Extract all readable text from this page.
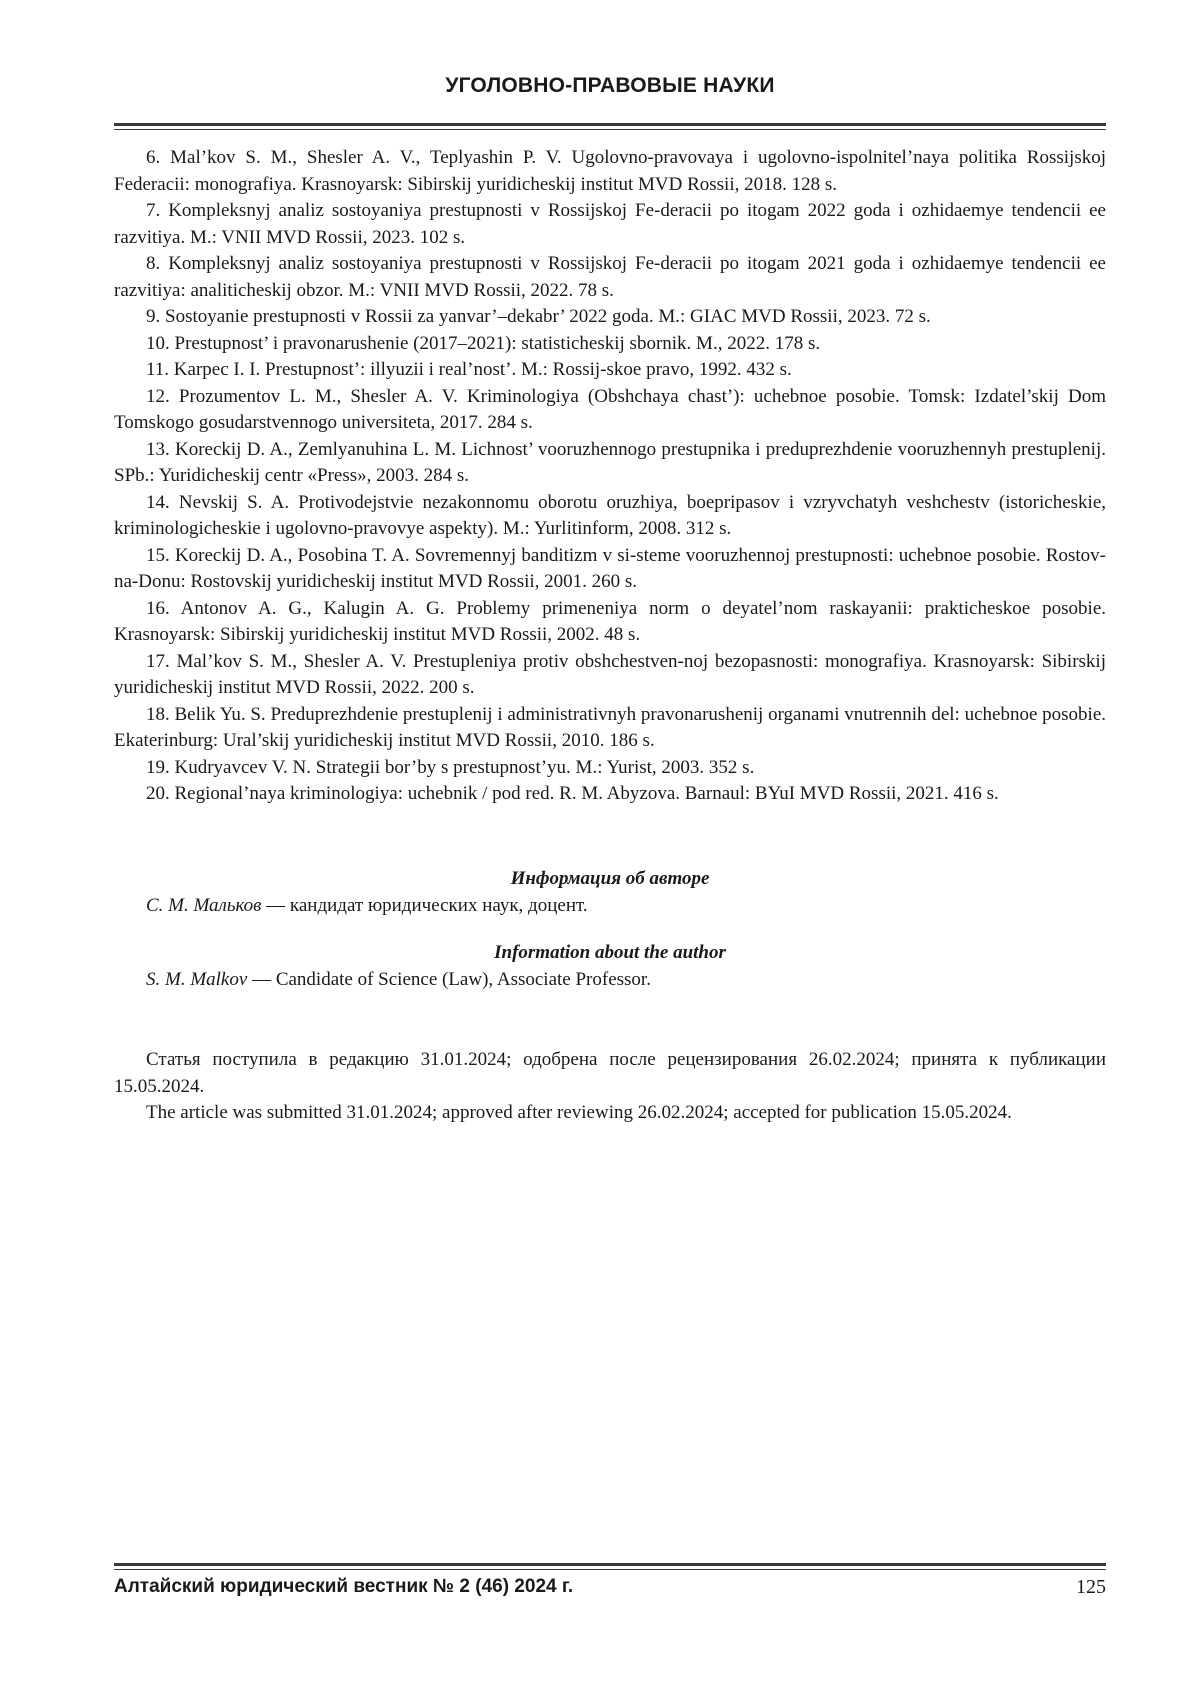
УГОЛОВНО-ПРАВОВЫЕ НАУКИ

6. Mal’kov S. M., Shesler A. V., Teplyashin P. V. Ugolovno-pravovaya i ugolovno-ispolnitel’naya politika Rossijskoj Federacii: monografiya. Krasnoyarsk: Sibirskij yuridicheskij institut MVD Rossii, 2018. 128 s.

7. Kompleksnyj analiz sostoyaniya prestupnosti v Rossijskoj Fe-deracii po itogam 2022 goda i ozhidaemye tendencii ee razvitiya. M.: VNII MVD Rossii, 2023. 102 s.

8. Kompleksnyj analiz sostoyaniya prestupnosti v Rossijskoj Fe-deracii po itogam 2021 goda i ozhidaemye tendencii ee razvitiya: analiticheskij obzor. M.: VNII MVD Rossii, 2022. 78 s.

9. Sostoyanie prestupnosti v Rossii za yanvar’–dekabr’ 2022 goda. M.: GIAC MVD Rossii, 2023. 72 s.

10. Prestupnost’ i pravonarushenie (2017–2021): statisticheskij sbornik. M., 2022. 178 s.

11. Karpec I. I. Prestupnost’: illyuzii i real’nost’. M.: Rossij-skoe pravo, 1992. 432 s.

12. Prozumentov L. M., Shesler A. V. Kriminologiya (Obshchaya chast’): uchebnoe posobie. Tomsk: Izdatel’skij Dom Tomskogo gosudarstvennogo universiteta, 2017. 284 s.

13. Koreckij D. A., Zemlyanuhina L. M. Lichnost’ vooruzhennogo prestupnika i preduprezhdenie vooruzhennyh prestuplenij. SPb.: Yuridicheskij centr «Press», 2003. 284 s.

14. Nevskij S. A. Protivodejstvie nezakonnomu oborotu oruzhiya, boepripasov i vzryvchatyh veshchestv (istoricheskie, kriminologicheskie i ugolovno-pravovye aspekty). M.: Yurlitinform, 2008. 312 s.

15. Koreckij D. A., Posobina T. A. Sovremennyj banditizm v si-steme vooruzhennoj prestupnosti: uchebnoe posobie. Rostov-na-Donu: Rostovskij yuridicheskij institut MVD Rossii, 2001. 260 s.

16. Antonov A. G., Kalugin A. G. Problemy primeneniya norm o deyatel’nom raskayanii: prakticheskoe posobie. Krasnoyarsk: Sibirskij yuridicheskij institut MVD Rossii, 2002. 48 s.

17. Mal’kov S. M., Shesler A. V. Prestupleniya protiv obshchestven-noj bezopasnosti: monografiya. Krasnoyarsk: Sibirskij yuridicheskij institut MVD Rossii, 2022. 200 s.

18. Belik Yu. S. Preduprezhdenie prestuplenij i administrativnyh pravonarushenij organami vnutrennih del: uchebnoe posobie. Ekaterinburg: Ural’skij yuridicheskij institut MVD Rossii, 2010. 186 s.

19. Kudryavcev V. N. Strategii bor’by s prestupnost’yu. M.: Yurist, 2003. 352 s.

20. Regional’naya kriminologiya: uchebnik / pod red. R. M. Abyzova. Barnaul: BYuI MVD Rossii, 2021. 416 s.

Информация об авторе

С. М. Мальков — кандидат юридических наук, доцент.

Information about the author

S. M. Malkov — Candidate of Science (Law), Associate Professor.

Статья поступила в редакцию 31.01.2024; одобрена после рецензирования 26.02.2024; принята к публикации 15.05.2024.

The article was submitted 31.01.2024; approved after reviewing 26.02.2024; accepted for publication 15.05.2024.

Алтайский юридический вестник № 2 (46) 2024 г.	125
